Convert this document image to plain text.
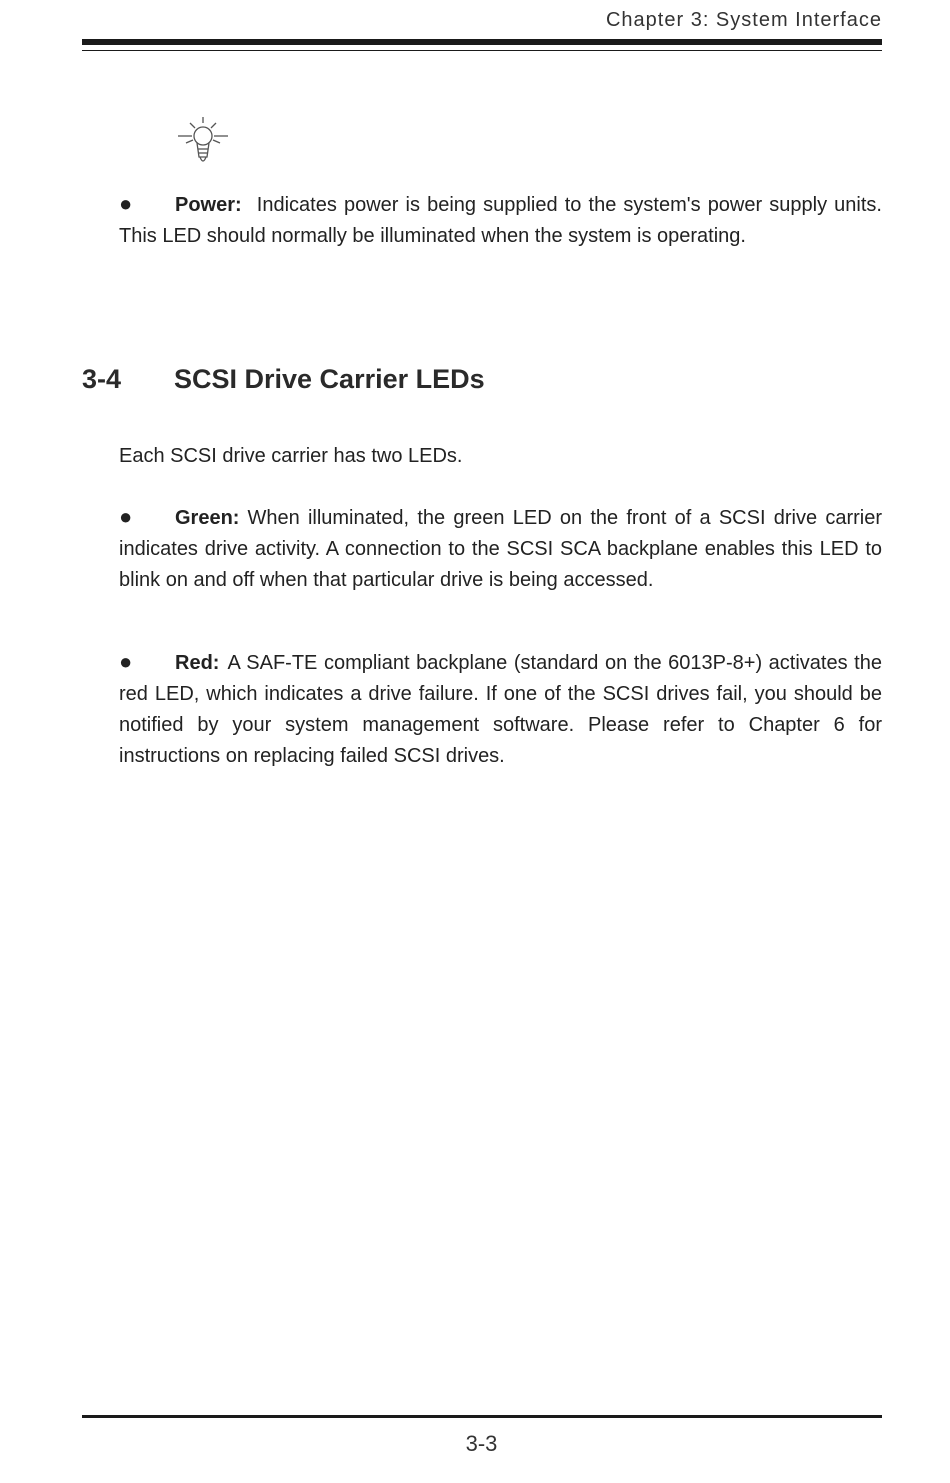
Chapter 3: System Interface
● Power: Indicates power is being supplied to the system's power supply units. This LED should normally be illuminated when the system is operating.
3-4 SCSI Drive Carrier LEDs
Each SCSI drive carrier has two LEDs.
● Green: When illuminated, the green LED on the front of a SCSI drive carrier indicates drive activity. A connection to the SCSI SCA backplane enables this LED to blink on and off when that particular drive is being accessed.
● Red: A SAF-TE compliant backplane (standard on the 6013P-8+) activates the red LED, which indicates a drive failure. If one of the SCSI drives fail, you should be notified by your system management software. Please refer to Chapter 6 for instructions on replacing failed SCSI drives.
3-3
